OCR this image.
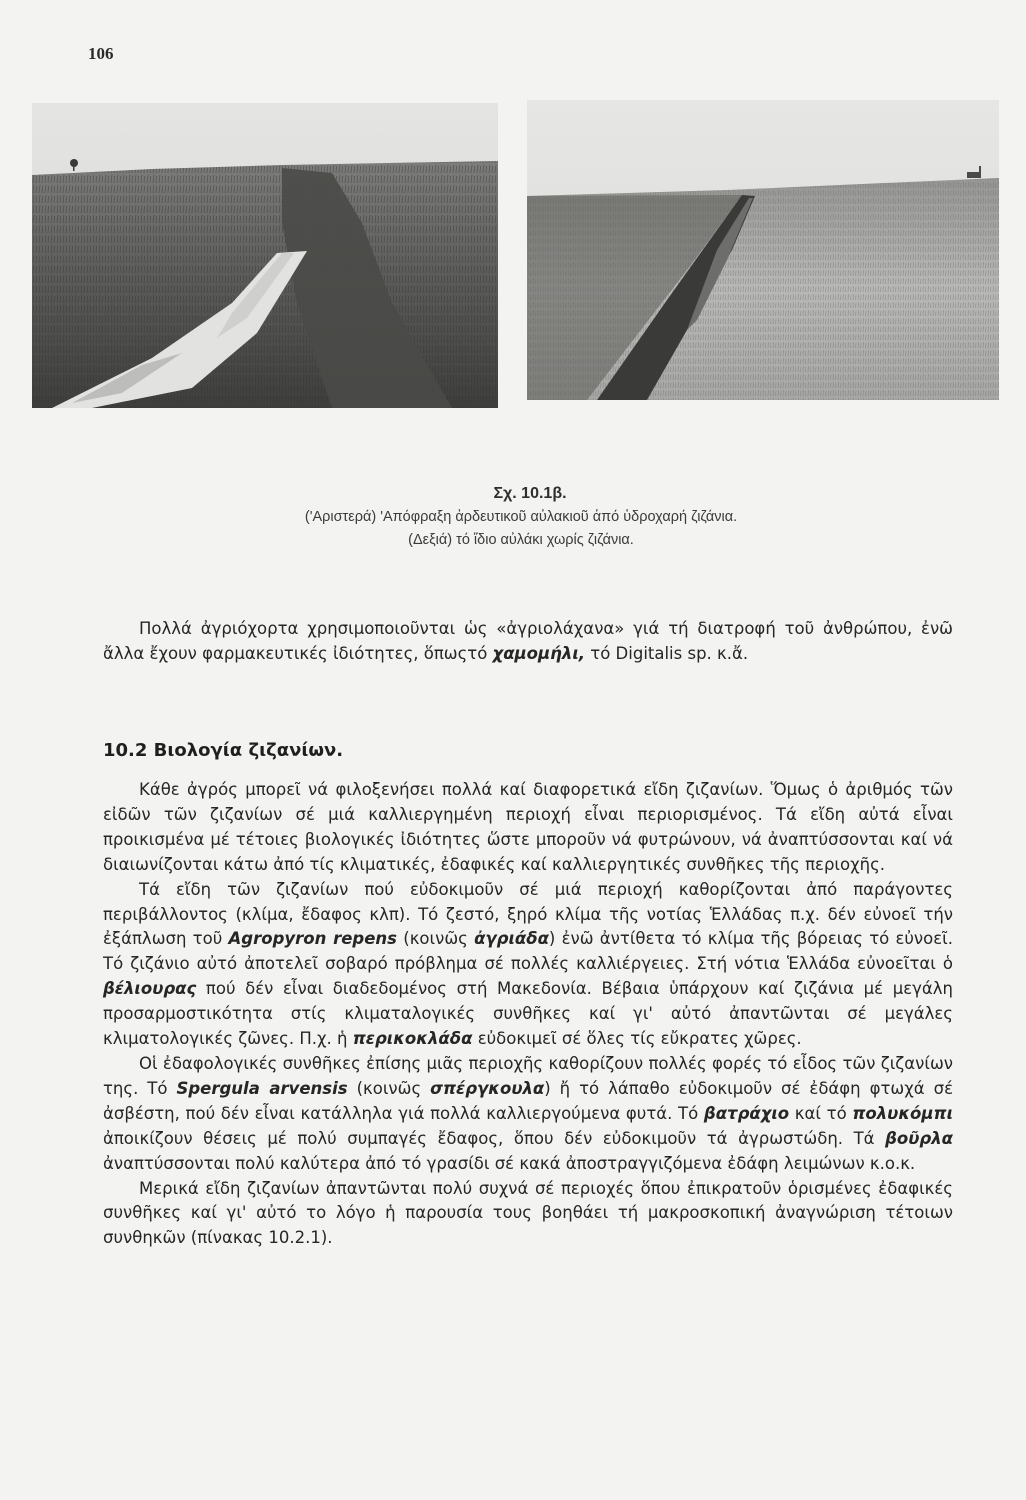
106
Σχ. 10.1β.
('Αριστερά) 'Απόφραξη ἀρδευτικοῦ αὐλακιοῦ ἀπό ὑδροχαρή ζιζάνια.
(Δεξιά) τό ἴδιο αὐλάκι χωρίς ζιζάνια.

Πολλά ἀγριόχορτα χρησιμοποιοῦνται ὡς «ἀγριολάχανα» γιά τή διατροφή τοῦ ἀνθρώπου, ἐνῶ ἄλλα ἔχουν φαρμακευτικές ἰδιότητες, ὅπωςτό χαμομήλι, τό Digitalis sp. κ.ἄ.

10.2 Βιολογία ζιζανίων.

Κάθε ἀγρός μπορεῖ νά φιλοξενήσει πολλά καί διαφορετικά εἴδη ζιζανίων. Ὅμως ὁ ἀριθμός τῶν εἰδῶν τῶν ζιζανίων σέ μιά καλλιεργημένη περιοχή εἶναι περιορισμένος. Τά εἴδη αὐτά εἶναι προικισμένα μέ τέτοιες βιολογικές ἰδιότητες ὥστε μποροῦν νά φυτρώνουν, νά ἀναπτύσσονται καί νά διαιωνίζονται κάτω ἀπό τίς κλιματικές, ἐδαφικές καί καλλιεργητικές συνθῆκες τῆς περιοχῆς.

Τά εἴδη τῶν ζιζανίων πού εὐδοκιμοῦν σέ μιά περιοχή καθορίζονται ἀπό παράγοντες περιβάλλοντος (κλίμα, ἔδαφος κλπ). Τό ζεστό, ξηρό κλίμα τῆς νοτίας Ἑλλάδας π.χ. δέν εὐνοεῖ τήν ἐξάπλωση τοῦ Agropyron repens (κοινῶς ἀγριάδα) ἐνῶ ἀντίθετα τό κλίμα τῆς βόρειας τό εὐνοεῖ. Τό ζιζάνιο αὐτό ἀποτελεῖ σοβαρό πρόβλημα σέ πολλές καλλιέργειες. Στή νότια Ἑλλάδα εὐνοεῖται ὁ βέλιουρας πού δέν εἶναι διαδεδομένος στή Μακεδονία. Βέβαια ὑπάρχουν καί ζιζάνια μέ μεγάλη προσαρμοστικότητα στίς κλιματαλογικές συνθῆκες καί γι' αὐτό ἀπαντῶνται σέ μεγάλες κλιματολογικές ζῶνες. Π.χ. ἡ περικοκλάδα εὐδοκιμεῖ σέ ὅλες τίς εὔκρατες χῶρες.

Οἱ ἐδαφολογικές συνθῆκες ἐπίσης μιᾶς περιοχῆς καθορίζουν πολλές φορές τό εἶδος τῶν ζιζανίων της. Τό Spergula arvensis (κοινῶς σπέργκουλα) ἤ τό λάπαθο εὐδοκιμοῦν σέ ἐδάφη φτωχά σέ ἀσβέστη, πού δέν εἶναι κατάλληλα γιά πολλά καλλιεργούμενα φυτά. Τό βατράχιο καί τό πολυκόμπι ἀποικίζουν θέσεις μέ πολύ συμπαγές ἔδαφος, ὅπου δέν εὐδοκιμοῦν τά ἀγρωστώδη. Τά βοῦρλα ἀναπτύσσονται πολύ καλύτερα ἀπό τό γρασίδι σέ κακά ἀποστραγγιζόμενα ἐδάφη λειμώνων κ.ο.κ.

Μερικά εἴδη ζιζανίων ἀπαντῶνται πολύ συχνά σέ περιοχές ὅπου ἐπικρατοῦν ὁρισμένες ἐδαφικές συνθῆκες καί γι' αὐτό το λόγο ἡ παρουσία τους βοηθάει τή μακροσκοπική ἀναγνώριση τέτοιων συνθηκῶν (πίνακας 10.2.1).
